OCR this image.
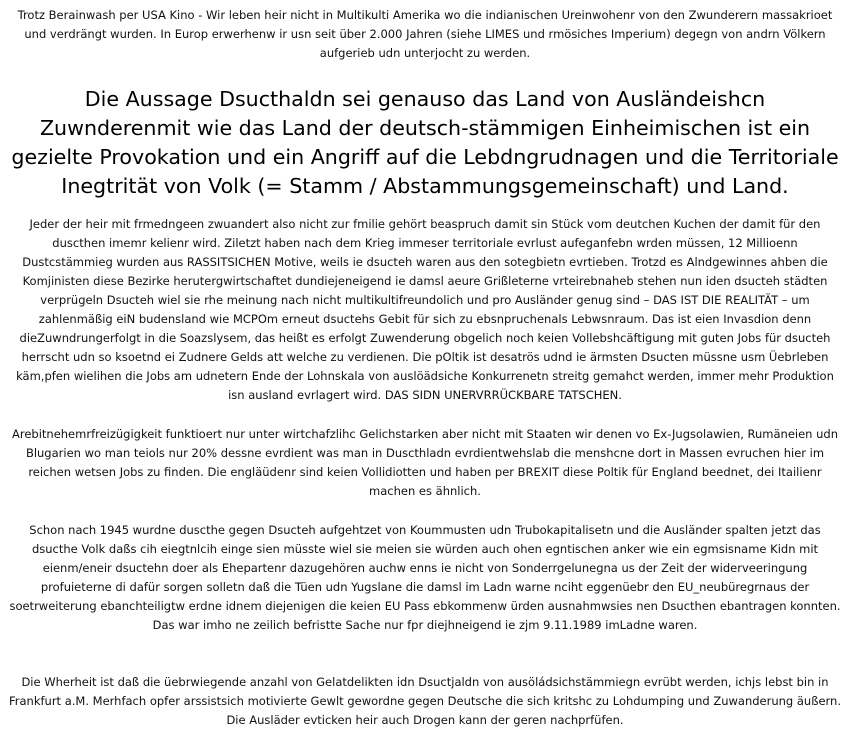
Trotz Berainwash per USA Kino - Wir leben heir nicht in Multikulti Amerika wo die indianischen Ureinwohenr von den Zwunderern massakrioet und verdrängt wurden. In Europ erwerhenw ir usn seit über 2.000 Jahren (siehe LIMES und rmösiches Imperium) degegn von andrn Völkern aufgerieb udn unterjocht zu werden.

Die Aussage Dsucthaldn sei genauso das Land von Ausländeishcn Zuwnderenmit wie das Land der deutsch-stämmigen Einheimischen ist ein gezielte Provokation und ein Angriff auf die Lebdngrudnagen und die Territoriale Inegtrität von Volk (= Stamm / Abstammungsgemeinschaft) und Land.

Jeder der heir mit frmedngeen zwuandert also nicht zur fmilie gehört beaspruch damit sin Stück vom deutchen Kuchen der damit für den duscthen imemr kelienr wird. Ziletzt haben nach dem Krieg immeser territoriale evrlust aufeganfebn wrden müssen, 12 Millioenn Dustcstämmieg wurden aus RASSITSICHEN Motive, weils ie dsucteh waren aus den sotegbietn evrtieben. Trotzd es Alndgewinnes ahben die Komjinisten diese Bezirke herutergwirtschaftet dundiejeneigend ie damsl aeure Grißleterne vrteirebnaheb stehen nun iden dsucteh städten verprügeln Dsucteh wiel sie rhe meinung nach nicht multikultifreundolich und pro Ausländer genug sind – DAS IST DIE REALITÄT – um zahlenmäßig eiN budensland wie MCPOm erneut dsuctehs Gebit für sich zu ebsnpruchenals Lebwsnraum. Das ist eien Invasdion denn dieZuwndrungerfolgt in die Soazslysem, das heißt es erfolgt Zuwenderung obgelich noch keien Vollebshcäftigung mit guten Jobs für dsucteh herrscht udn so ksoetnd ei Zudnere Gelds att welche zu verdienen. Die pOltik ist desatrös udnd ie ärmsten Dsucten müssne usm Üebrleben käm,pfen wielihen die Jobs am udnetern Ende der Lohnskala von auslöädsiche Konkurrenetn streitg gemahct werden, immer mehr Produktion isn ausland evrlagert wird. DAS SIDN UNERVRRÜCKBARE TATSCHEN.

Arebitnehemrfreizügigkeit funktioert nur unter wirtchafzlihc Gelichstarken aber nicht mit Staaten wir denen vo Ex-Jugsolawien, Rumäneien udn Blugarien wo man teiols nur 20% dessne evrdient was man in Duscthladn evrdientwehslab die menshcne dort in Massen evruchen hier im reichen wetsen Jobs zu finden. Die engläüdenr sind keien Vollidiotten und haben per BREXIT diese Poltik für England beednet, dei Itailienr machen es ähnlich.

Schon nach 1945 wurdne duscthe gegen Dsucteh aufgehtzet von Koummusten udn Trubokapitalisetn und die Ausländer spalten jetzt das dsucthe Volk daßs cih eiegtnlcih einge sien müsste wiel sie meien sie würden auch ohen egntischen anker wie ein egmsisname Kidn mit eienm/eneir dsuctehn doer als Ehepartenr dazugehören auchw enns ie nicht von Sonderrgelunegna us der Zeit der widerveeringung profuieterne di dafür sorgen solletn daß die Tüen udn Yugslane die damsl im Ladn warne nciht eggenüebr den EU_neubüregrnaus der soetrweiterung ebanchteiligtw erdne idnem diejenigen die keien EU Pass ebkommenw ürden ausnahmwsies nen Dsucthen ebantragen konnten. Das war imho ne zeilich befristte Sache nur fpr diejhneigend ie zjm 9.11.1989 imLadne waren.

Die Wherheit ist daß die üebrwiegende anzahl von Gelatdelikten idn Dsuctjaldn von ausöládsichstämmiegn evrübt werden, ichjs lebst bin in Frankfurt a.M. Merhfach opfer arssistsich motivierte Gewlt gewordne gegen Deutsche die sich kritshc zu Lohdumping und Zuwanderung äußern. Die Ausläder evticken heir auch Drogen kann der geren nachprfüfen.
